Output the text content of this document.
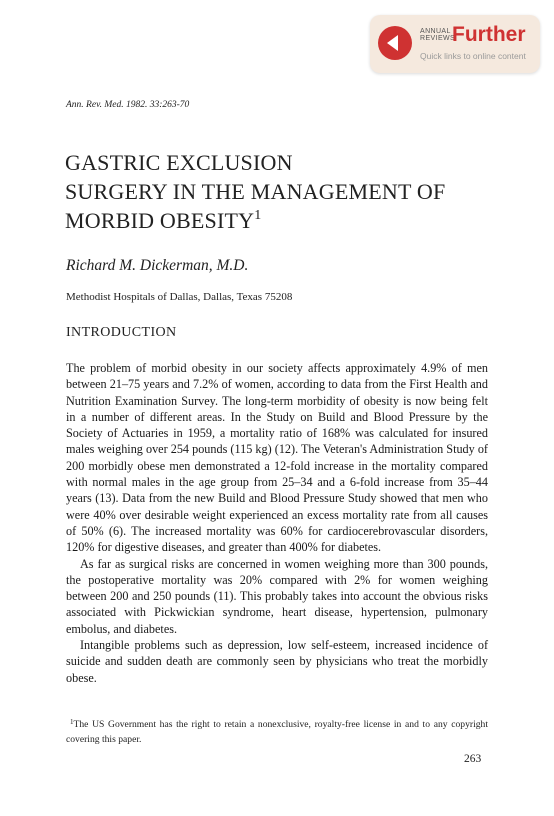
ANNUAL
REVIEWS
Further
Quick links to online content
Ann. Rev. Med. 1982. 33:263-70
GASTRIC EXCLUSION
SURGERY IN THE MANAGEMENT OF
MORBID OBESITY$^1$
Richard M. Dickerman, M.D.
Methodist Hospitals of Dallas, Dallas, Texas 75208
INTRODUCTION

The problem of morbid obesity in our society affects approximately 4.9% of men between 21–75 years and 7.2% of women, according to data from the First Health and Nutrition Examination Survey. The long-term morbidity of obesity is now being felt in a number of different areas. In the Study on Build and Blood Pressure by the Society of Actuaries in 1959, a mortality ratio of 168% was calculated for insured males weighing over 254 pounds (115 kg) (12). The Veteran's Administration Study of 200 morbidly obese men demonstrated a 12-fold increase in the mortality compared with normal males in the age group from 25–34 and a 6-fold increase from 35–44 years (13). Data from the new Build and Blood Pressure Study showed that men who were 40% over desirable weight experienced an excess mortality rate from all causes of 50% (6). The increased mortality was 60% for cardiocerebrovascular disorders, 120% for digestive diseases, and greater than 400% for diabetes.

As far as surgical risks are concerned in women weighing more than 300 pounds, the postoperative mortality was 20% compared with 2% for women weighing between 200 and 250 pounds (11). This probably takes into account the obvious risks associated with Pickwickian syndrome, heart disease, hypertension, pulmonary embolus, and diabetes.

Intangible problems such as depression, low self-esteem, increased incidence of suicide and sudden death are commonly seen by physicians who treat the morbidly obese.

$^1$The US Government has the right to retain a nonexclusive, royalty-free license in and to any copyright covering this paper.
263
